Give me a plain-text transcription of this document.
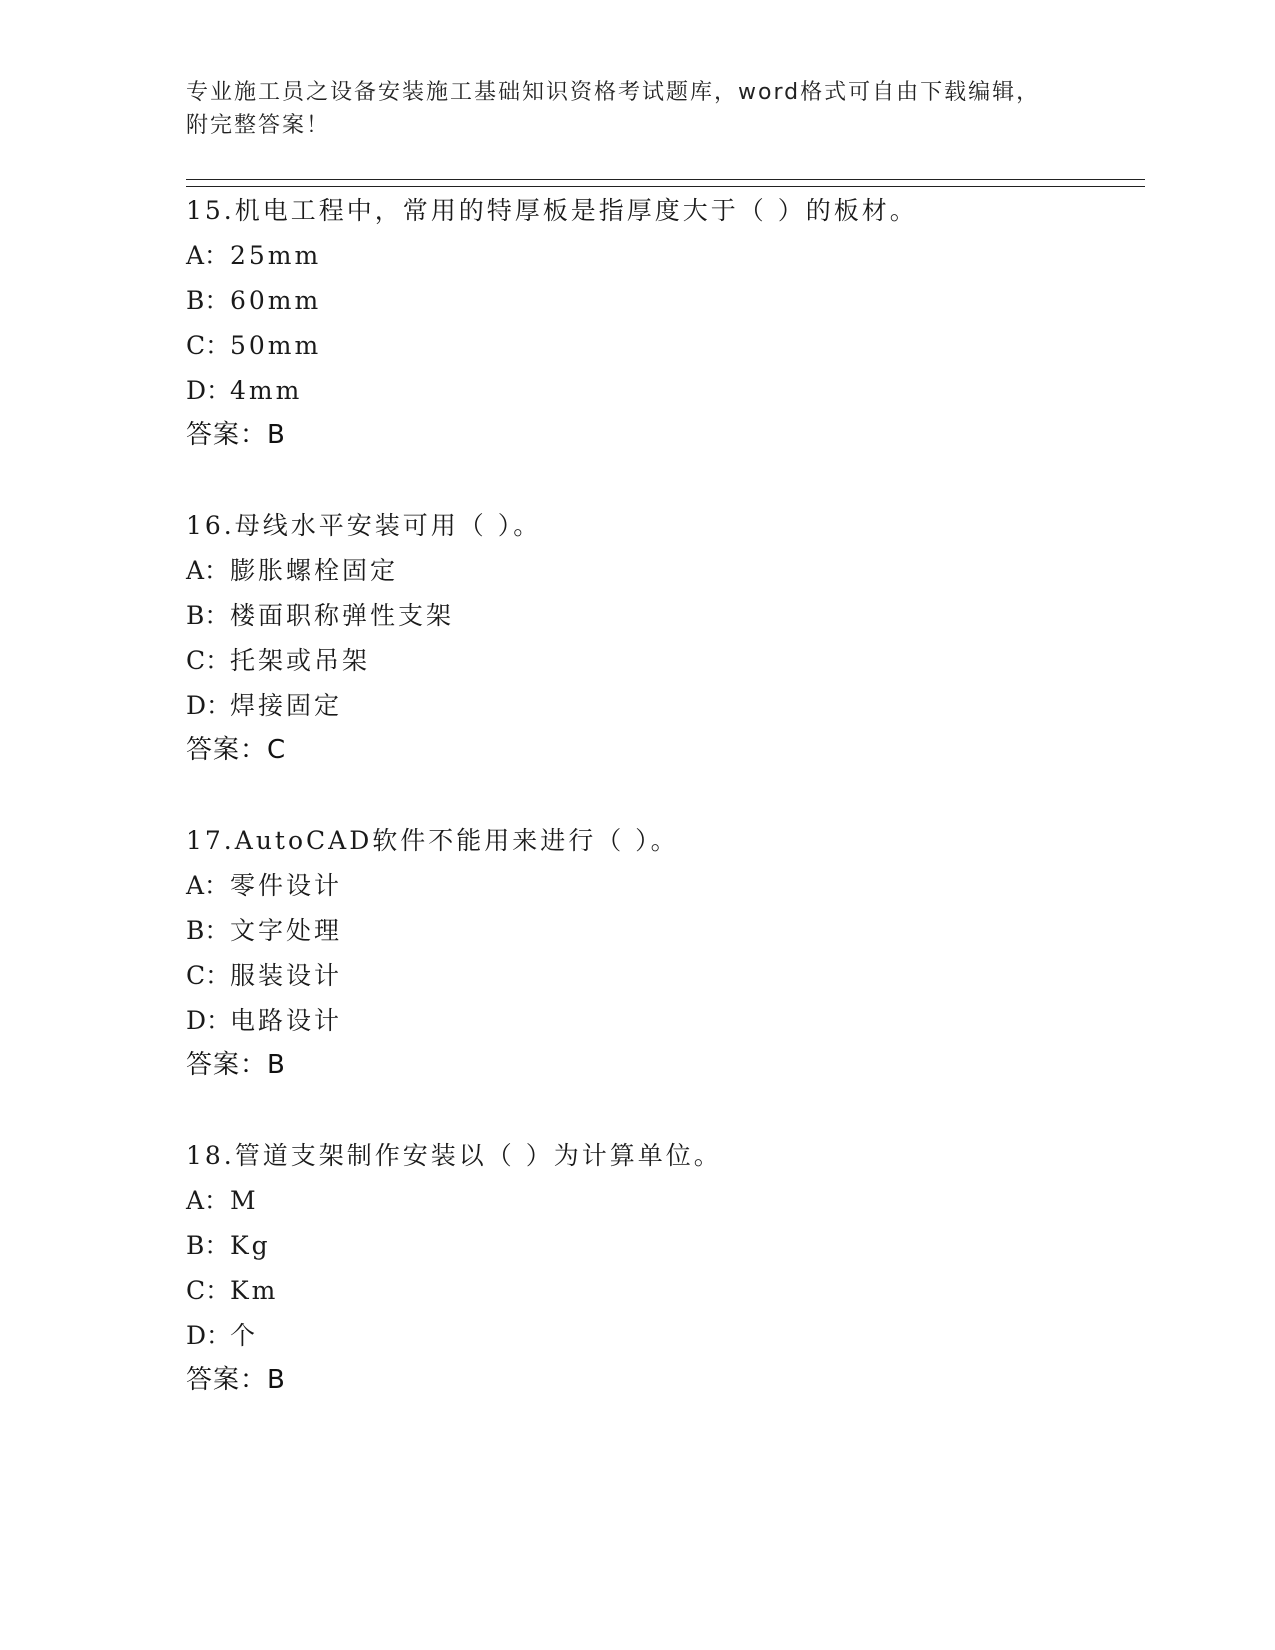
专业施工员之设备安装施工基础知识资格考试题库，word格式可自由下载编辑，
附完整答案！
15.机电工程中，常用的特厚板是指厚度大于（ ）的板材。
A：25mm
B：60mm
C：50mm
D：4mm
答案：B
16.母线水平安装可用（ ）。
A：膨胀螺栓固定
B：楼面职称弹性支架
C：托架或吊架
D：焊接固定
答案：C
17.AutoCAD软件不能用来进行（ ）。
A：零件设计
B：文字处理
C：服装设计
D：电路设计
答案：B
18.管道支架制作安装以（ ）为计算单位。
A：M
B：Kg
C：Km
D：个
答案：B
